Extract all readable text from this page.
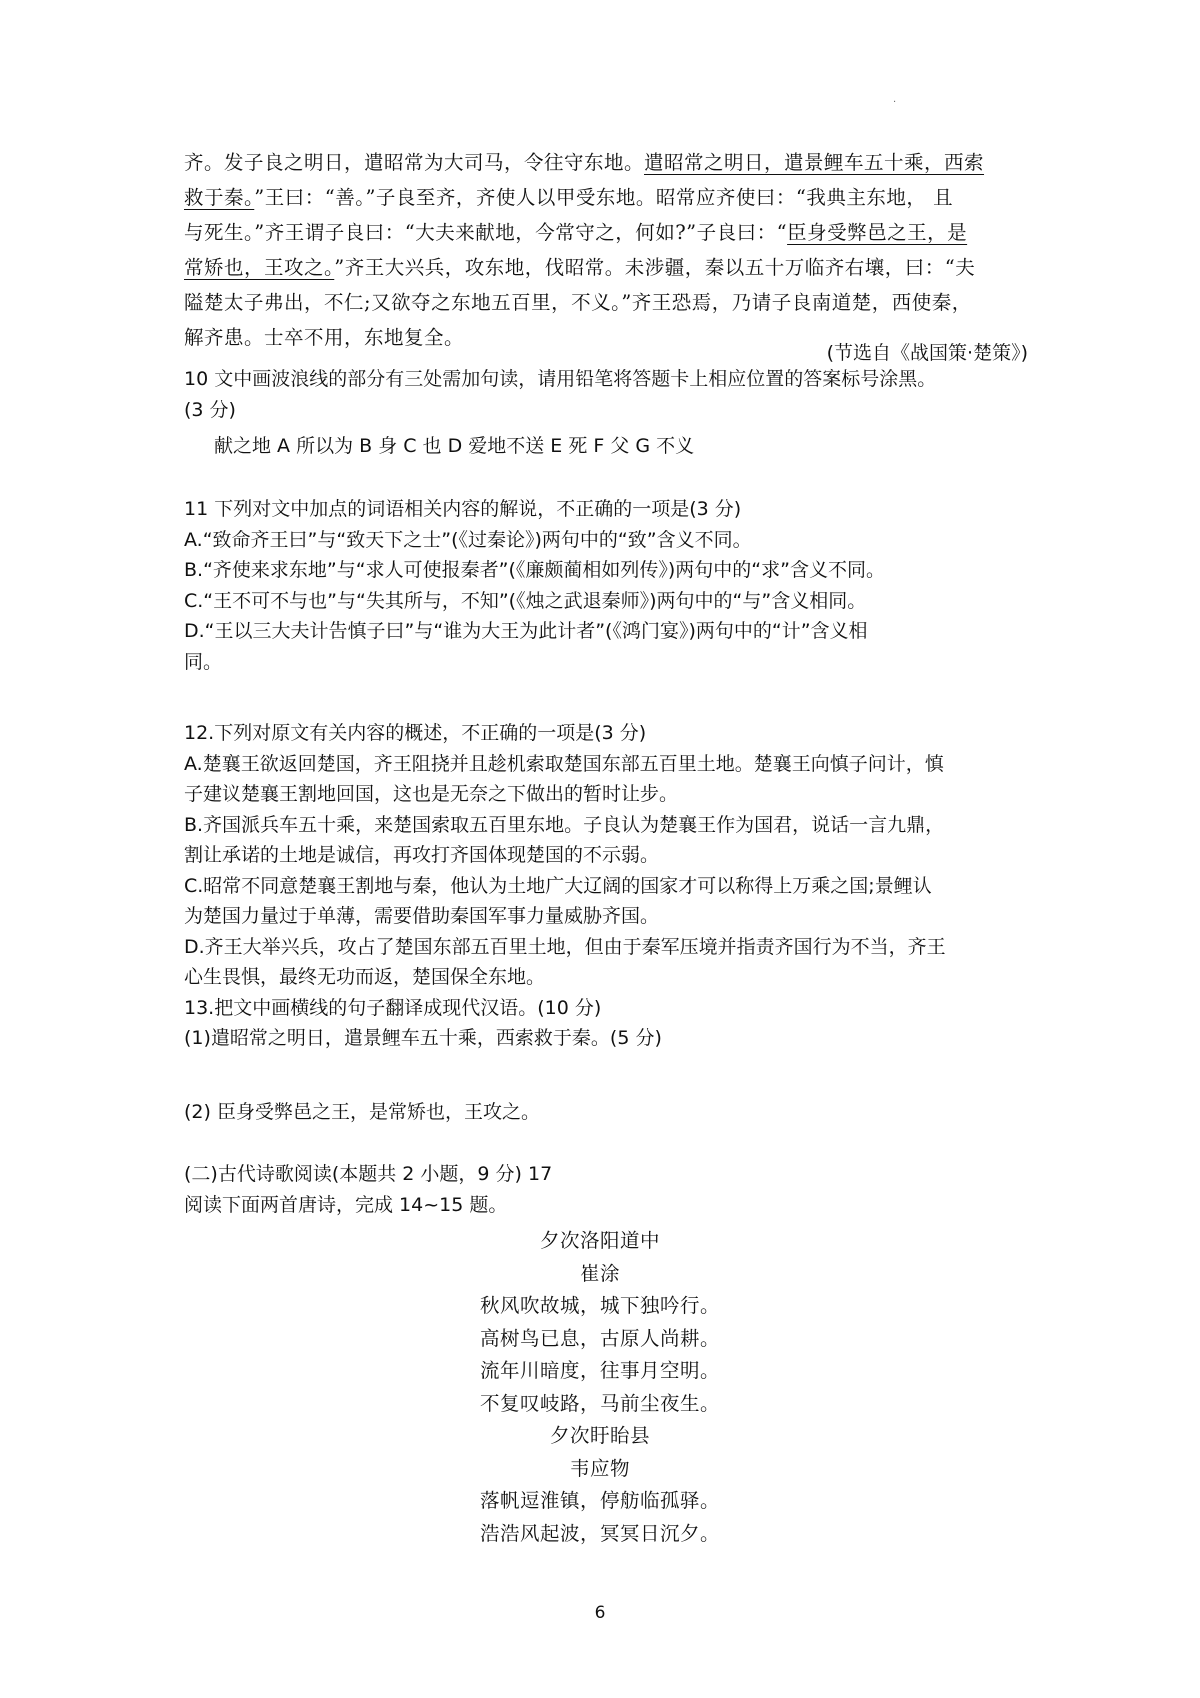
·
齐。发子良之明日，遣昭常为大司马，令往守东地。遣昭常之明日，遣景鲤车五十乘，西索
救于秦。”王曰：“善。”子良至齐，齐使人以甲受东地。昭常应齐使曰：“我典主东地， 且
与死生。”齐王谓子良曰：“大夫来献地，今常守之，何如?”子良曰：“臣身受弊邑之王，是
常矫也，王攻之。”齐王大兴兵，攻东地，伐昭常。未涉疆，秦以五十万临齐右壤，曰：“夫
隘楚太子弗出，不仁;又欲夺之东地五百里，不义。”齐王恐焉，乃请子良南道楚，西使秦，
解齐患。士卒不用，东地复全。
(节选自《战国策·楚策》)
10 文中画波浪线的部分有三处需加句读，请用铅笔将答题卡上相应位置的答案标号涂黑。
(3 分)
献之地 A 所以为 B 身 C 也 D 爱地不送 E 死 F 父 G 不义
11 下列对文中加点的词语相关内容的解说，不正确的一项是(3 分)
A.“致命齐王曰”与“致天下之士”(《过秦论》)两句中的“致”含义不同。
B.“齐使来求东地”与“求人可使报秦者”(《廉颇蔺相如列传》)两句中的“求”含义不同。
C.“王不可不与也”与“失其所与，不知”(《烛之武退秦师》)两句中的“与”含义相同。
D.“王以三大夫计告慎子曰”与“谁为大王为此计者”(《鸿门宴》)两句中的“计”含义相
同。
12.下列对原文有关内容的概述，不正确的一项是(3 分)
A.楚襄王欲返回楚国，齐王阻挠并且趁机索取楚国东部五百里土地。楚襄王向慎子问计，慎
子建议楚襄王割地回国，这也是无奈之下做出的暂时让步。
B.齐国派兵车五十乘，来楚国索取五百里东地。子良认为楚襄王作为国君，说话一言九鼎，
割让承诺的土地是诚信，再攻打齐国体现楚国的不示弱。
C.昭常不同意楚襄王割地与秦，他认为土地广大辽阔的国家才可以称得上万乘之国;景鲤认
为楚国力量过于单薄，需要借助秦国军事力量威胁齐国。
D.齐王大举兴兵，攻占了楚国东部五百里土地，但由于秦军压境并指责齐国行为不当，齐王
心生畏惧，最终无功而返，楚国保全东地。
13.把文中画横线的句子翻译成现代汉语。(10 分)
(1)遣昭常之明日，遣景鲤车五十乘，西索救于秦。(5 分)
(2) 臣身受弊邑之王，是常矫也，王攻之。
(二)古代诗歌阅读(本题共 2 小题，9 分) 17
阅读下面两首唐诗，完成 14~15 题。
夕次洛阳道中
崔涂
秋风吹故城，城下独吟行。
高树鸟已息，古原人尚耕。
流年川暗度，往事月空明。
不复叹岐路，马前尘夜生。
夕次盱眙县
韦应物
落帆逗淮镇，停舫临孤驿。
浩浩风起波，冥冥日沉夕。
6
